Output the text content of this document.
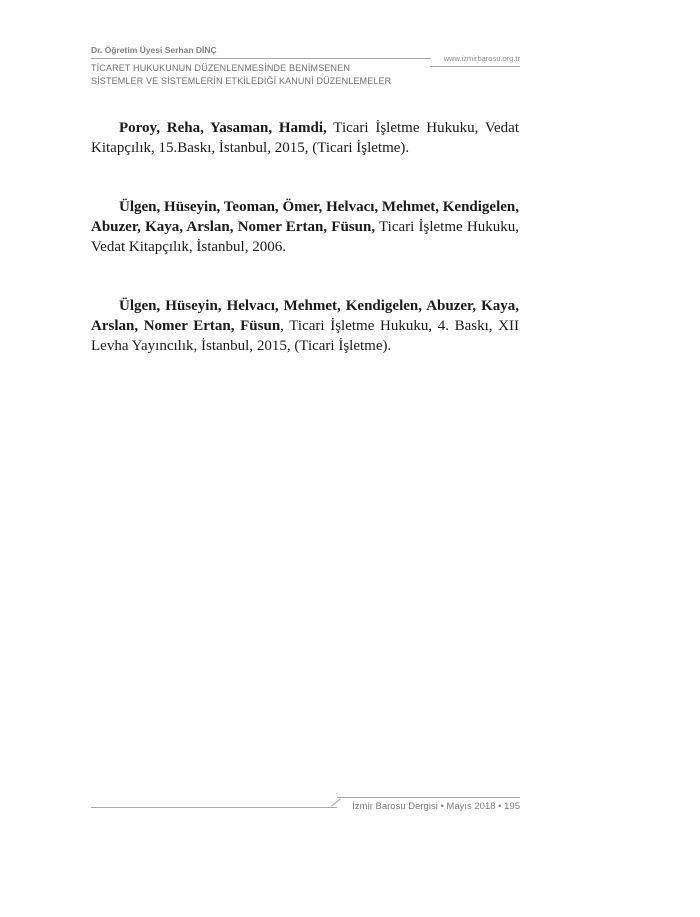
Dr. Öğretim Üyesi Serhan DİNÇ
www.izmirbarosu.org.tr
TİCARET HUKUKUNUN DÜZENLENMESİNDE BENİMSENEN
SİSTEMLER VE SİSTEMLERİN ETKİLEDİĞİ KANUNİ DÜZENLEMELER

Poroy, Reha, Yasaman, Hamdi, Ticari İşletme Hukuku, Vedat Kitapçılık, 15.Baskı, İstanbul, 2015, (Ticari İşletme).

Ülgen, Hüseyin, Teoman, Ömer, Helvacı, Mehmet, Kendigelen, Abuzer, Kaya, Arslan, Nomer Ertan, Füsun, Ticari İşletme Hukuku, Vedat Kitapçılık, İstanbul, 2006.

Ülgen, Hüseyin, Helvacı, Mehmet, Kendigelen, Abuzer, Kaya, Arslan, Nomer Ertan, Füsun, Ticari İşletme Hukuku, 4. Baskı, XII Levha Yayıncılık, İstanbul, 2015, (Ticari İşletme).

İzmir Barosu Dergisi • Mayıs 2018 • 195
